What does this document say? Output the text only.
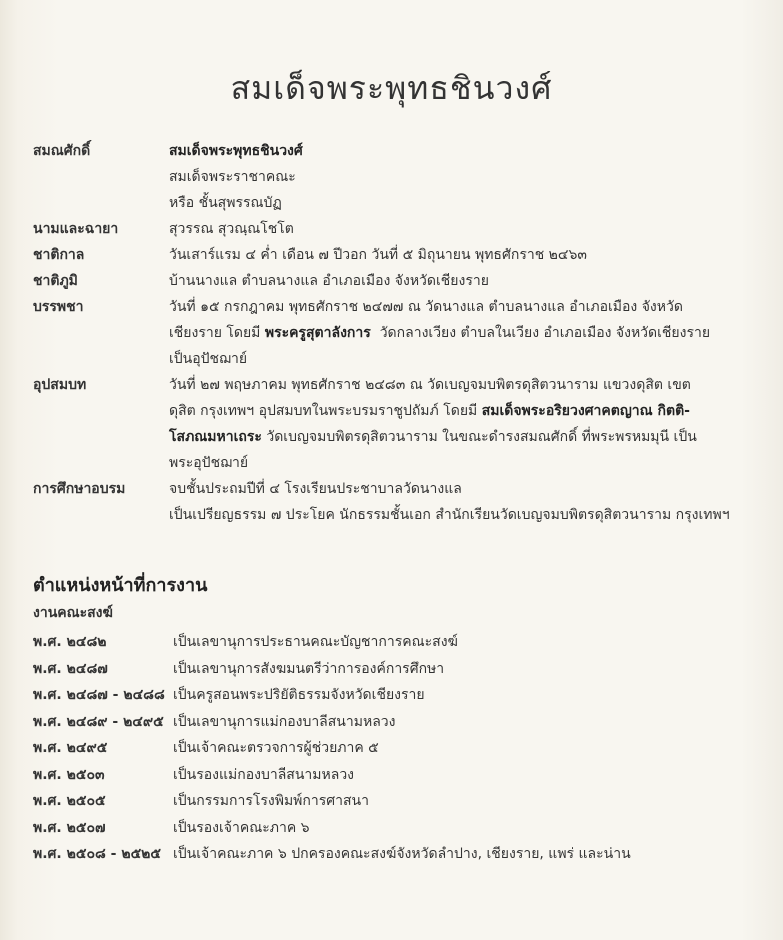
สมเด็จพระพุทธชินวงศ์
สมณศักดิ์	สมเด็จพระพุทธชินวงศ์
สมเด็จพระราชาคณะ
หรือ ชั้นสุพรรณบัฏ
นามและฉายา	สุวรรณ สุวณฺณโชโต
ชาติกาล	วันเสาร์แรม ๔ ค่ำ เดือน ๗ ปีวอก วันที่ ๕ มิถุนายน พุทธศักราช ๒๔๖๓
ชาติภูมิ	บ้านนางแล ตำบลนางแล อำเภอเมือง จังหวัดเชียงราย
บรรพชา	วันที่ ๑๕ กรกฎาคม พุทธศักราช ๒๔๗๗ ณ วัดนางแล ตำบลนางแล อำเภอเมือง จังหวัด
เชียงราย โดยมี พระครูสุตาลังการ  วัดกลางเวียง ตำบลในเวียง อำเภอเมือง จังหวัดเชียงราย
เป็นอุปัชฌาย์
อุปสมบท	วันที่ ๒๗ พฤษภาคม พุทธศักราช ๒๔๘๓ ณ วัดเบญจมบพิตรดุสิตวนาราม แขวงดุสิต เขต
ดุสิต กรุงเทพฯ อุปสมบทในพระบรมราชูปถัมภ์ โดยมี สมเด็จพระอริยวงศาคตญาณ กิตติ-
โสภณมหาเถระ วัดเบญจมบพิตรดุสิตวนาราม ในขณะดำรงสมณศักดิ์ ที่พระพรหมมุนี เป็น
พระอุปัชฌาย์
การศึกษาอบรม	จบชั้นประถมปีที่ ๔ โรงเรียนประชาบาลวัดนางแล
เป็นเปรียญธรรม ๗ ประโยค นักธรรมชั้นเอก สำนักเรียนวัดเบญจมบพิตรดุสิตวนาราม กรุงเทพฯ
ตำแหน่งหน้าที่การงาน
งานคณะสงฆ์
พ.ศ. ๒๔๘๒	เป็นเลขานุการประธานคณะบัญชาการคณะสงฆ์
พ.ศ. ๒๔๘๗	เป็นเลขานุการสังฆมนตรีว่าการองค์การศึกษา
พ.ศ. ๒๔๘๗ - ๒๔๘๘ เป็นครูสอนพระปริยัติธรรมจังหวัดเชียงราย
พ.ศ. ๒๔๘๙ - ๒๔๙๕ เป็นเลขานุการแม่กองบาลีสนามหลวง
พ.ศ. ๒๔๙๕	เป็นเจ้าคณะตรวจการผู้ช่วยภาค ๕
พ.ศ. ๒๕๐๓	เป็นรองแม่กองบาลีสนามหลวง
พ.ศ. ๒๕๐๕	เป็นกรรมการโรงพิมพ์การศาสนา
พ.ศ. ๒๕๐๗	เป็นรองเจ้าคณะภาค ๖
พ.ศ. ๒๕๐๘ - ๒๕๒๕ เป็นเจ้าคณะภาค ๖ ปกครองคณะสงฆ์จังหวัดลำปาง, เชียงราย, แพร่ และน่าน
